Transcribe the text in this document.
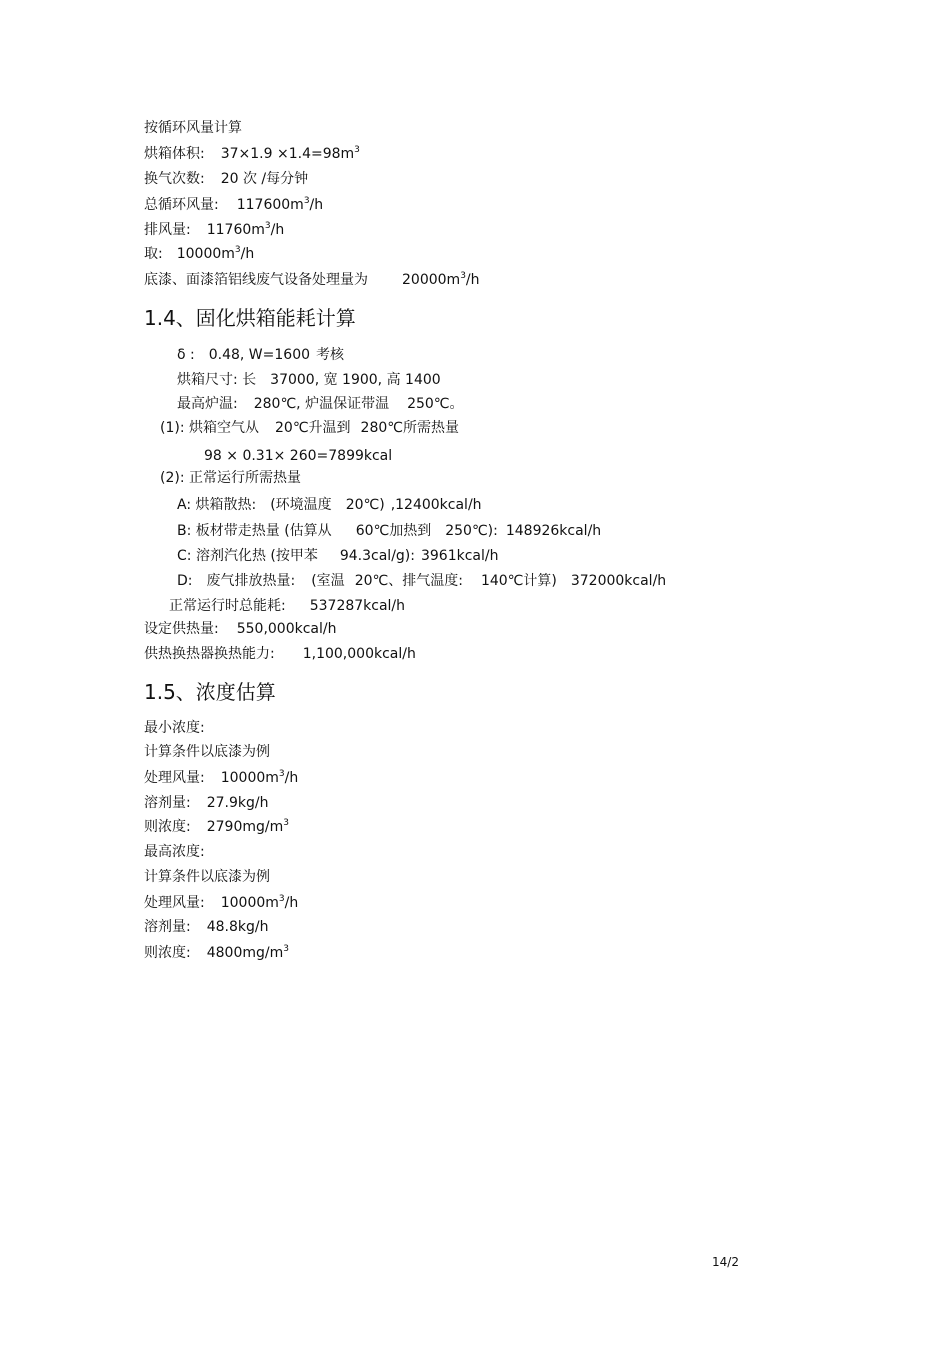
按循环风量计算
烘箱体积: $37\times 1.9 \times 1.4=98m^3$
换气次数: 20 次 /每分钟
总循环风量: $117600m^3/h$
排风量: $11760m^3/h$
取: $10000m^3/h$
底漆、面漆箔铝线废气设备处理量为 $20000m^3/h$
1.4、固化烘箱能耗计算
δ : 0.48, W=1600 考核
烘箱尺寸: 长 37000, 宽 1900, 高 1400
最高炉温: 280℃, 炉温保证带温 250℃。
(1): 烘箱空气从 20℃升温到 280℃所需热量
98 × 0.31× 260=7899kcal
(2): 正常运行所需热量
A: 烘箱散热: (环境温度 20℃) ,12400kcal/h
B: 板材带走热量 (估算从 60℃加热到 250℃): 148926kcal/h
C: 溶剂汽化热 (按甲苯 94.3cal/g): 3961kcal/h
D: 废气排放热量: (室温 20℃、排气温度: 140℃计算) 372000kcal/h
正常运行时总能耗: 537287kcal/h
设定供热量: 550,000kcal/h
供热换热器换热能力: 1,100,000kcal/h
1.5、浓度估算
最小浓度:
计算条件以底漆为例
处理风量: $10000m^3/h$
溶剂量: 27.9kg/h
则浓度: $2790mg/m^3$
最高浓度:
计算条件以底漆为例
处理风量: $10000m^3/h$
溶剂量: 48.8kg/h
则浓度: $4800mg/m^3$
14/2
